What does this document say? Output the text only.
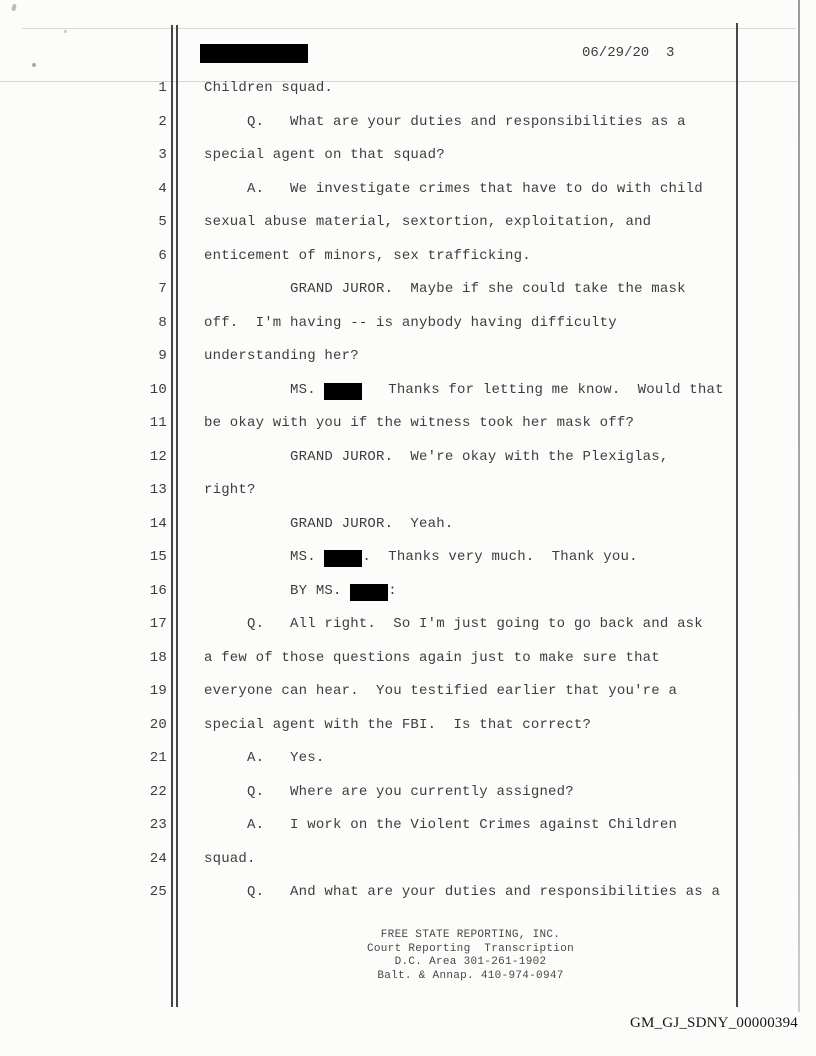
06/29/20  3
1
2
3
4
5
6
7
8
9
10
11
12
13
14
15
16
17
18
19
20
21
22
23
24
25
Children squad.
Q.   What are your duties and responsibilities as a
special agent on that squad?
A.   We investigate crimes that have to do with child
sexual abuse material, sextortion, exploitation, and
enticement of minors, sex trafficking.
GRAND JUROR.  Maybe if she could take the mask
off.  I'm having -- is anybody having difficulty
understanding her?
MS.	Thanks for letting me know.  Would that
be okay with you if the witness took her mask off?
GRAND JUROR.  We're okay with the Plexiglas,
right?
GRAND JUROR.  Yeah.
MS.	.  Thanks very much.  Thank you.
BY MS.	:
Q.   All right.  So I'm just going to go back and ask
a few of those questions again just to make sure that
everyone can hear.  You testified earlier that you're a
special agent with the FBI.  Is that correct?
A.   Yes.
Q.   Where are you currently assigned?
A.   I work on the Violent Crimes against Children
squad.
Q.   And what are your duties and responsibilities as a
FREE STATE REPORTING, INC.
Court Reporting  Transcription
D.C. Area 301-261-1902
Balt. & Annap. 410-974-0947
GM_GJ_SDNY_00000394
